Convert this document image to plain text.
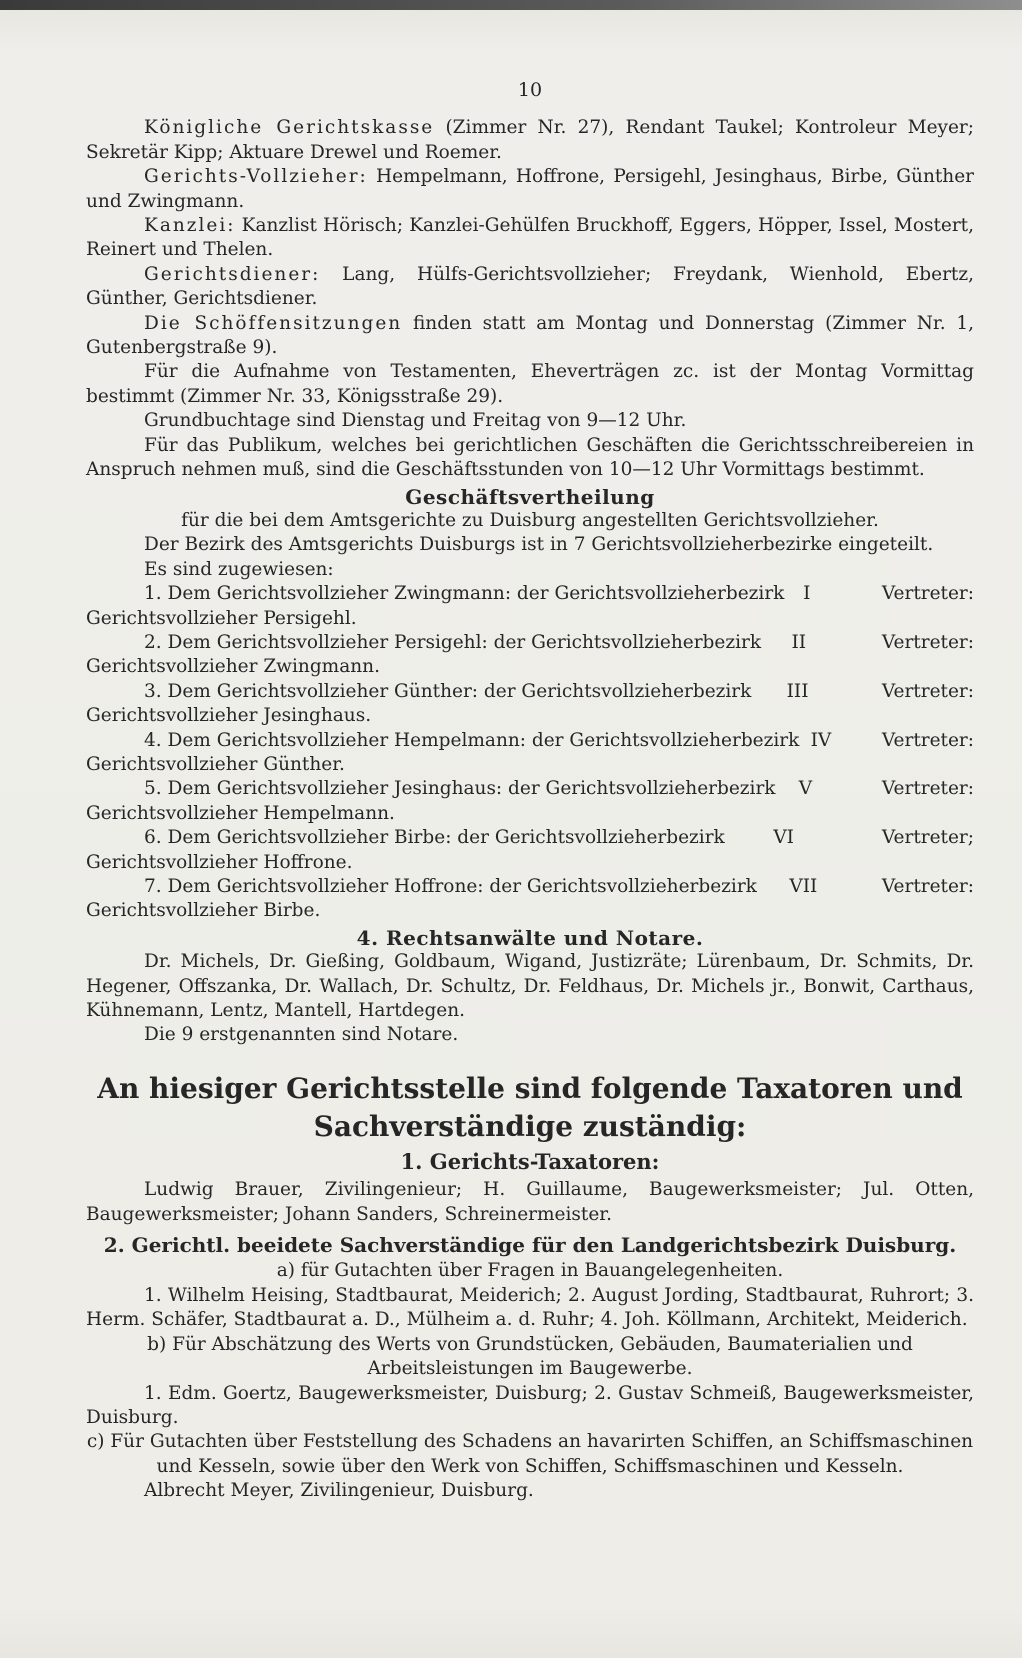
10

Königliche Gerichtskasse (Zimmer Nr. 27), Rendant Taukel; Kontroleur Meyer; Sekretär Kipp; Aktuare Drewel und Roemer.

Gerichts-Vollzieher: Hempelmann, Hoffrone, Persigehl, Jesinghaus, Birbe, Günther und Zwingmann.

Kanzlei: Kanzlist Hörisch; Kanzlei-Gehülfen Bruckhoff, Eggers, Höpper, Issel, Mostert, Reinert und Thelen.

Gerichtsdiener: Lang, Hülfs-Gerichtsvollzieher; Freydank, Wienhold, Ebertz, Günther, Gerichtsdiener.

Die Schöffensitzungen finden statt am Montag und Donnerstag (Zimmer Nr. 1, Gutenbergstraße 9).

Für die Aufnahme von Testamenten, Eheverträgen zc. ist der Montag Vormittag bestimmt (Zimmer Nr. 33, Königsstraße 29).

Grundbuchtage sind Dienstag und Freitag von 9—12 Uhr.

Für das Publikum, welches bei gerichtlichen Geschäften die Gerichtsschreibereien in Anspruch nehmen muß, sind die Geschäftsstunden von 10—12 Uhr Vormittags bestimmt.

Geschäftsvertheilung

für die bei dem Amtsgerichte zu Duisburg angestellten Gerichtsvollzieher.

Der Bezirk des Amtsgerichts Duisburgs ist in 7 Gerichtsvollzieherbezirke eingeteilt.

Es sind zugewiesen:

1. Dem Gerichtsvollzieher Zwingmann: der Gerichtsvollzieherbezirk I	Vertreter:

Gerichtsvollzieher Persigehl.

2. Dem Gerichtsvollzieher Persigehl: der Gerichtsvollzieherbezirk II	Vertreter:

Gerichtsvollzieher Zwingmann.

3. Dem Gerichtsvollzieher Günther: der Gerichtsvollzieherbezirk III	Vertreter:

Gerichtsvollzieher Jesinghaus.

4. Dem Gerichtsvollzieher Hempelmann: der Gerichtsvollzieherbezirk IV	Vertreter:

Gerichtsvollzieher Günther.

5. Dem Gerichtsvollzieher Jesinghaus: der Gerichtsvollzieherbezirk V	Vertreter:

Gerichtsvollzieher Hempelmann.

6. Dem Gerichtsvollzieher Birbe: der Gerichtsvollzieherbezirk	VI	Vertreter;

Gerichtsvollzieher Hoffrone.

7. Dem Gerichtsvollzieher Hoffrone: der Gerichtsvollzieherbezirk VII	Vertreter:

Gerichtsvollzieher Birbe.

4. Rechtsanwälte und Notare.

Dr. Michels, Dr. Gießing, Goldbaum, Wigand, Justizräte; Lürenbaum, Dr. Schmits, Dr. Hegener, Offszanka, Dr. Wallach, Dr. Schultz, Dr. Feldhaus, Dr. Michels jr., Bonwit, Carthaus, Kühnemann, Lentz, Mantell, Hartdegen.

Die 9 erstgenannten sind Notare.

An hiesiger Gerichtsstelle sind folgende Taxatoren und Sachverständige zuständig:
1. Gerichts-Taxatoren:

Ludwig Brauer, Zivilingenieur; H. Guillaume, Baugewerksmeister; Jul. Otten, Baugewerksmeister; Johann Sanders, Schreinermeister.

2. Gerichtl. beeidete Sachverständige für den Landgerichtsbezirk Duisburg.

a) für Gutachten über Fragen in Bauangelegenheiten.

1. Wilhelm Heising, Stadtbaurat, Meiderich; 2. August Jording, Stadtbaurat, Ruhrort; 3. Herm. Schäfer, Stadtbaurat a. D., Mülheim a. d. Ruhr; 4. Joh. Köllmann, Architekt, Meiderich.

b) Für Abschätzung des Werts von Grundstücken, Gebäuden, Baumaterialien und Arbeitsleistungen im Baugewerbe.

1. Edm. Goertz, Baugewerksmeister, Duisburg; 2. Gustav Schmeiß, Baugewerksmeister, Duisburg.

c) Für Gutachten über Feststellung des Schadens an havarirten Schiffen, an Schiffsmaschinen und Kesseln, sowie über den Werk von Schiffen, Schiffsmaschinen und Kesseln.

Albrecht Meyer, Zivilingenieur, Duisburg.
